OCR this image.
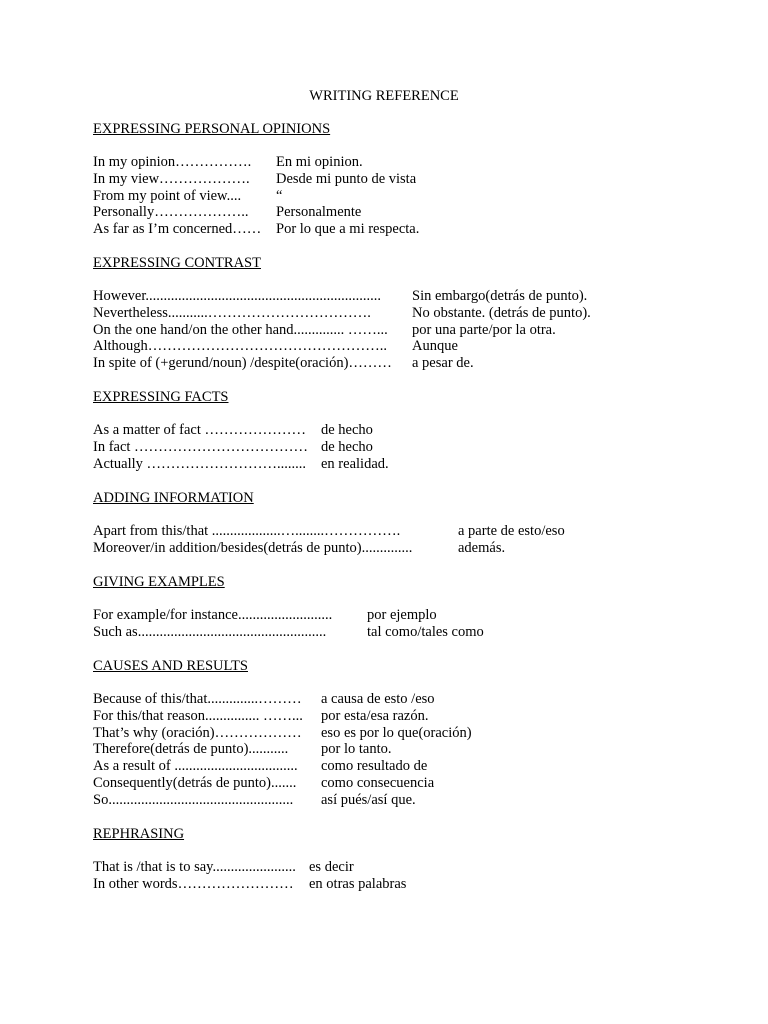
WRITING REFERENCE
EXPRESSING PERSONAL OPINIONS
In my opinion……………. En mi opinion.
In my view………………. Desde mi punto de vista
From my point of view.... “
Personally……………….. Personalmente
As far as I’m concerned…… Por lo que a mi respecta.
EXPRESSING CONTRAST
However................................................................. Sin embargo(detrás de punto).
Nevertheless...........…………………………….	No obstante. (detrás de punto).
On the one hand/on the other hand.............. ……... por una parte/por la otra.
Although………………………………………….. Aunque
In spite of (+gerund/noun) /despite(oración)……… a pesar de.
EXPRESSING FACTS
As a matter of fact ………………… de hecho
In fact ……………………………… de hecho
Actually ………………………........ en realidad.
ADDING INFORMATION
Apart from this/that ...................…........…………….	a parte de esto/eso
Moreover/in addition/besides(detrás de punto)..............	además.
GIVING EXAMPLES
For example/for instance.......................... por ejemplo
Such as....................................................	tal como/tales como
CAUSES AND RESULTS
Because of this/that..............……… a causa de esto /eso
For this/that reason............... ……... por esta/esa razón.
That’s why (oración)……………… eso es por lo que(oración)
Therefore(detrás de punto)........... por lo tanto.
As a result of .................................. como resultado de
Consequently(detrás de punto)....... como consecuencia
So................................................... así pués/así que.
REPHRASING
That is /that is to say....................... es decir
In other words…………………… en otras palabras
